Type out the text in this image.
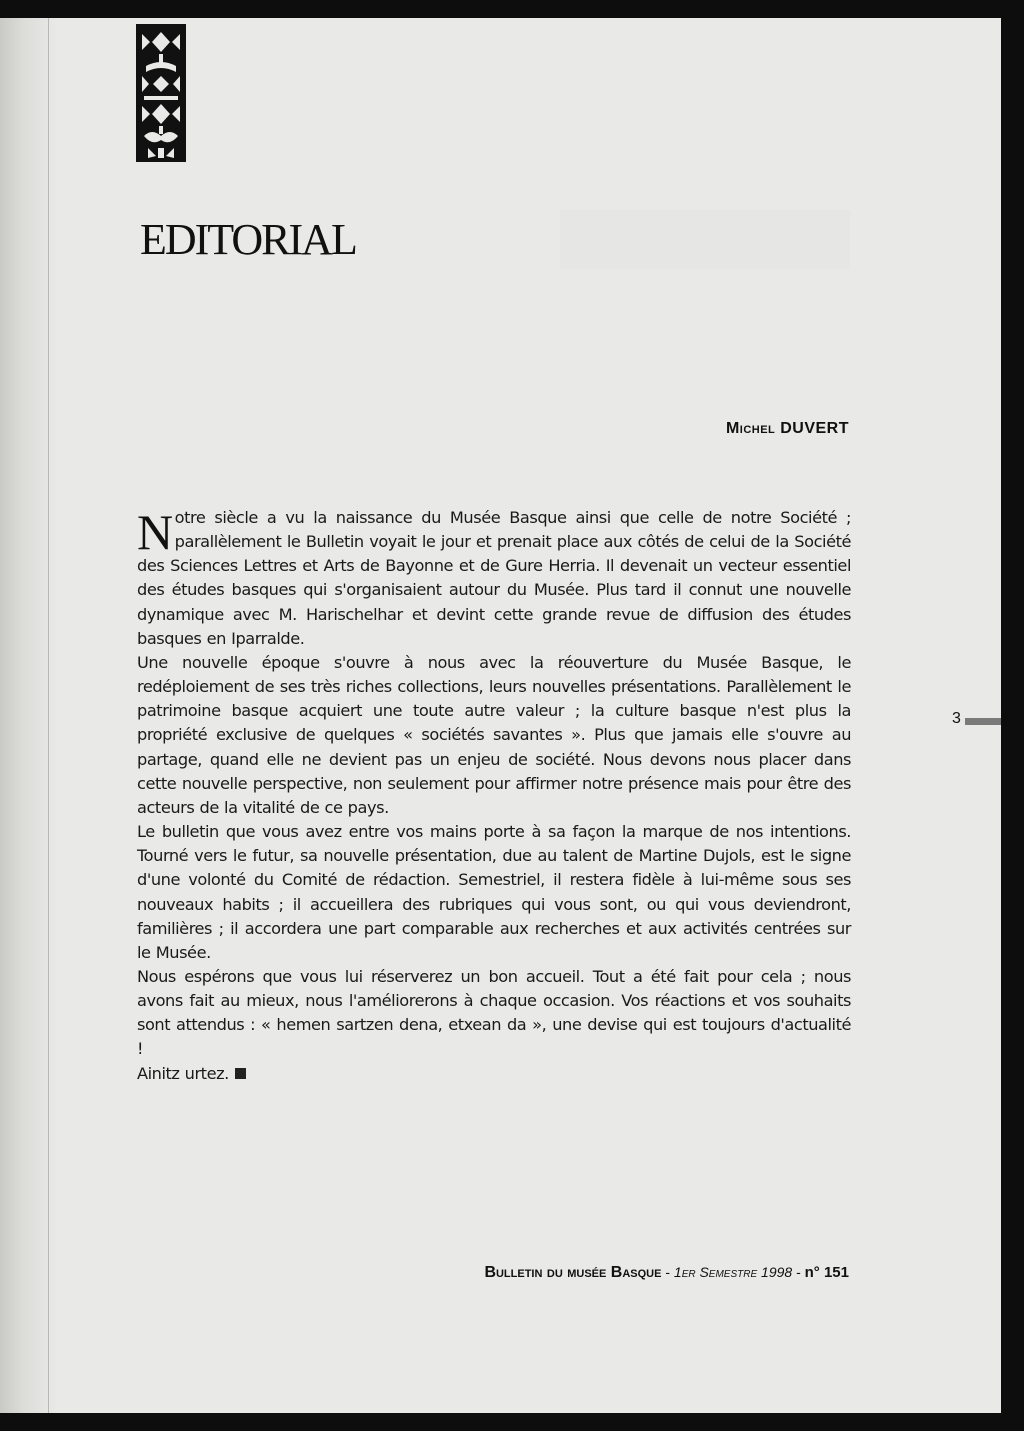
EDITORIAL
Michel DUVERT

Notre siècle a vu la naissance du Musée Basque ainsi que celle de notre Société ; parallèlement le Bulletin voyait le jour et prenait place aux côtés de celui de la Société des Sciences Lettres et Arts de Bayonne et de Gure Herria. Il devenait un vecteur essentiel des études basques qui s'organisaient autour du Musée. Plus tard il connut une nouvelle dynamique avec M. Harischelhar et devint cette grande revue de diffusion des études basques en Iparralde.

Une nouvelle époque s'ouvre à nous avec la réouverture du Musée Basque, le redéploiement de ses très riches collections, leurs nouvelles présentations. Parallèlement le patrimoine basque acquiert une toute autre valeur ; la culture basque n'est plus la propriété exclusive de quelques « sociétés savantes ». Plus que jamais elle s'ouvre au partage, quand elle ne devient pas un enjeu de société. Nous devons nous placer dans cette nouvelle perspective, non seulement pour affirmer notre présence mais pour être des acteurs de la vitalité de ce pays.

Le bulletin que vous avez entre vos mains porte à sa façon la marque de nos intentions. Tourné vers le futur, sa nouvelle présentation, due au talent de Martine Dujols, est le signe d'une volonté du Comité de rédaction. Semestriel, il restera fidèle à lui-même sous ses nouveaux habits ; il accueillera des rubriques qui vous sont, ou qui vous deviendront, familières ; il accordera une part comparable aux recherches et aux activités centrées sur le Musée.

Nous espérons que vous lui réserverez un bon accueil. Tout a été fait pour cela ; nous avons fait au mieux, nous l'améliorerons à chaque occasion. Vos réactions et vos souhaits sont attendus : « hemen sartzen dena, etxean da », une devise qui est toujours d'actualité !

Ainitz urtez.

3
Bulletin du musée Basque - 1er Semestre 1998 - n° 151
